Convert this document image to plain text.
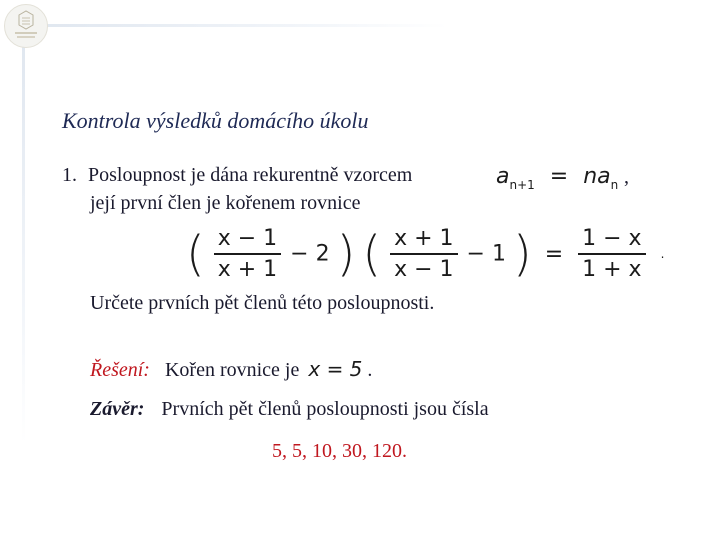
Kontrola výsledků domácího úkolu
1. Posloupnost je dána rekurentně vzorcem	$a_{n+1} = na_n$ ,
její první člen je kořenem rovnice
( $\frac{x - 1}{x + 1} - 2$ ) ( $\frac{x + 1}{x - 1} - 1$ ) = $\frac{1 - x}{1 + x}$ .
Určete prvních pět členů této posloupnosti.
Řešení: Kořen rovnice je x = 5 .
Závěr: Prvních pět členů posloupnosti jsou čísla
5, 5, 10, 30, 120.
